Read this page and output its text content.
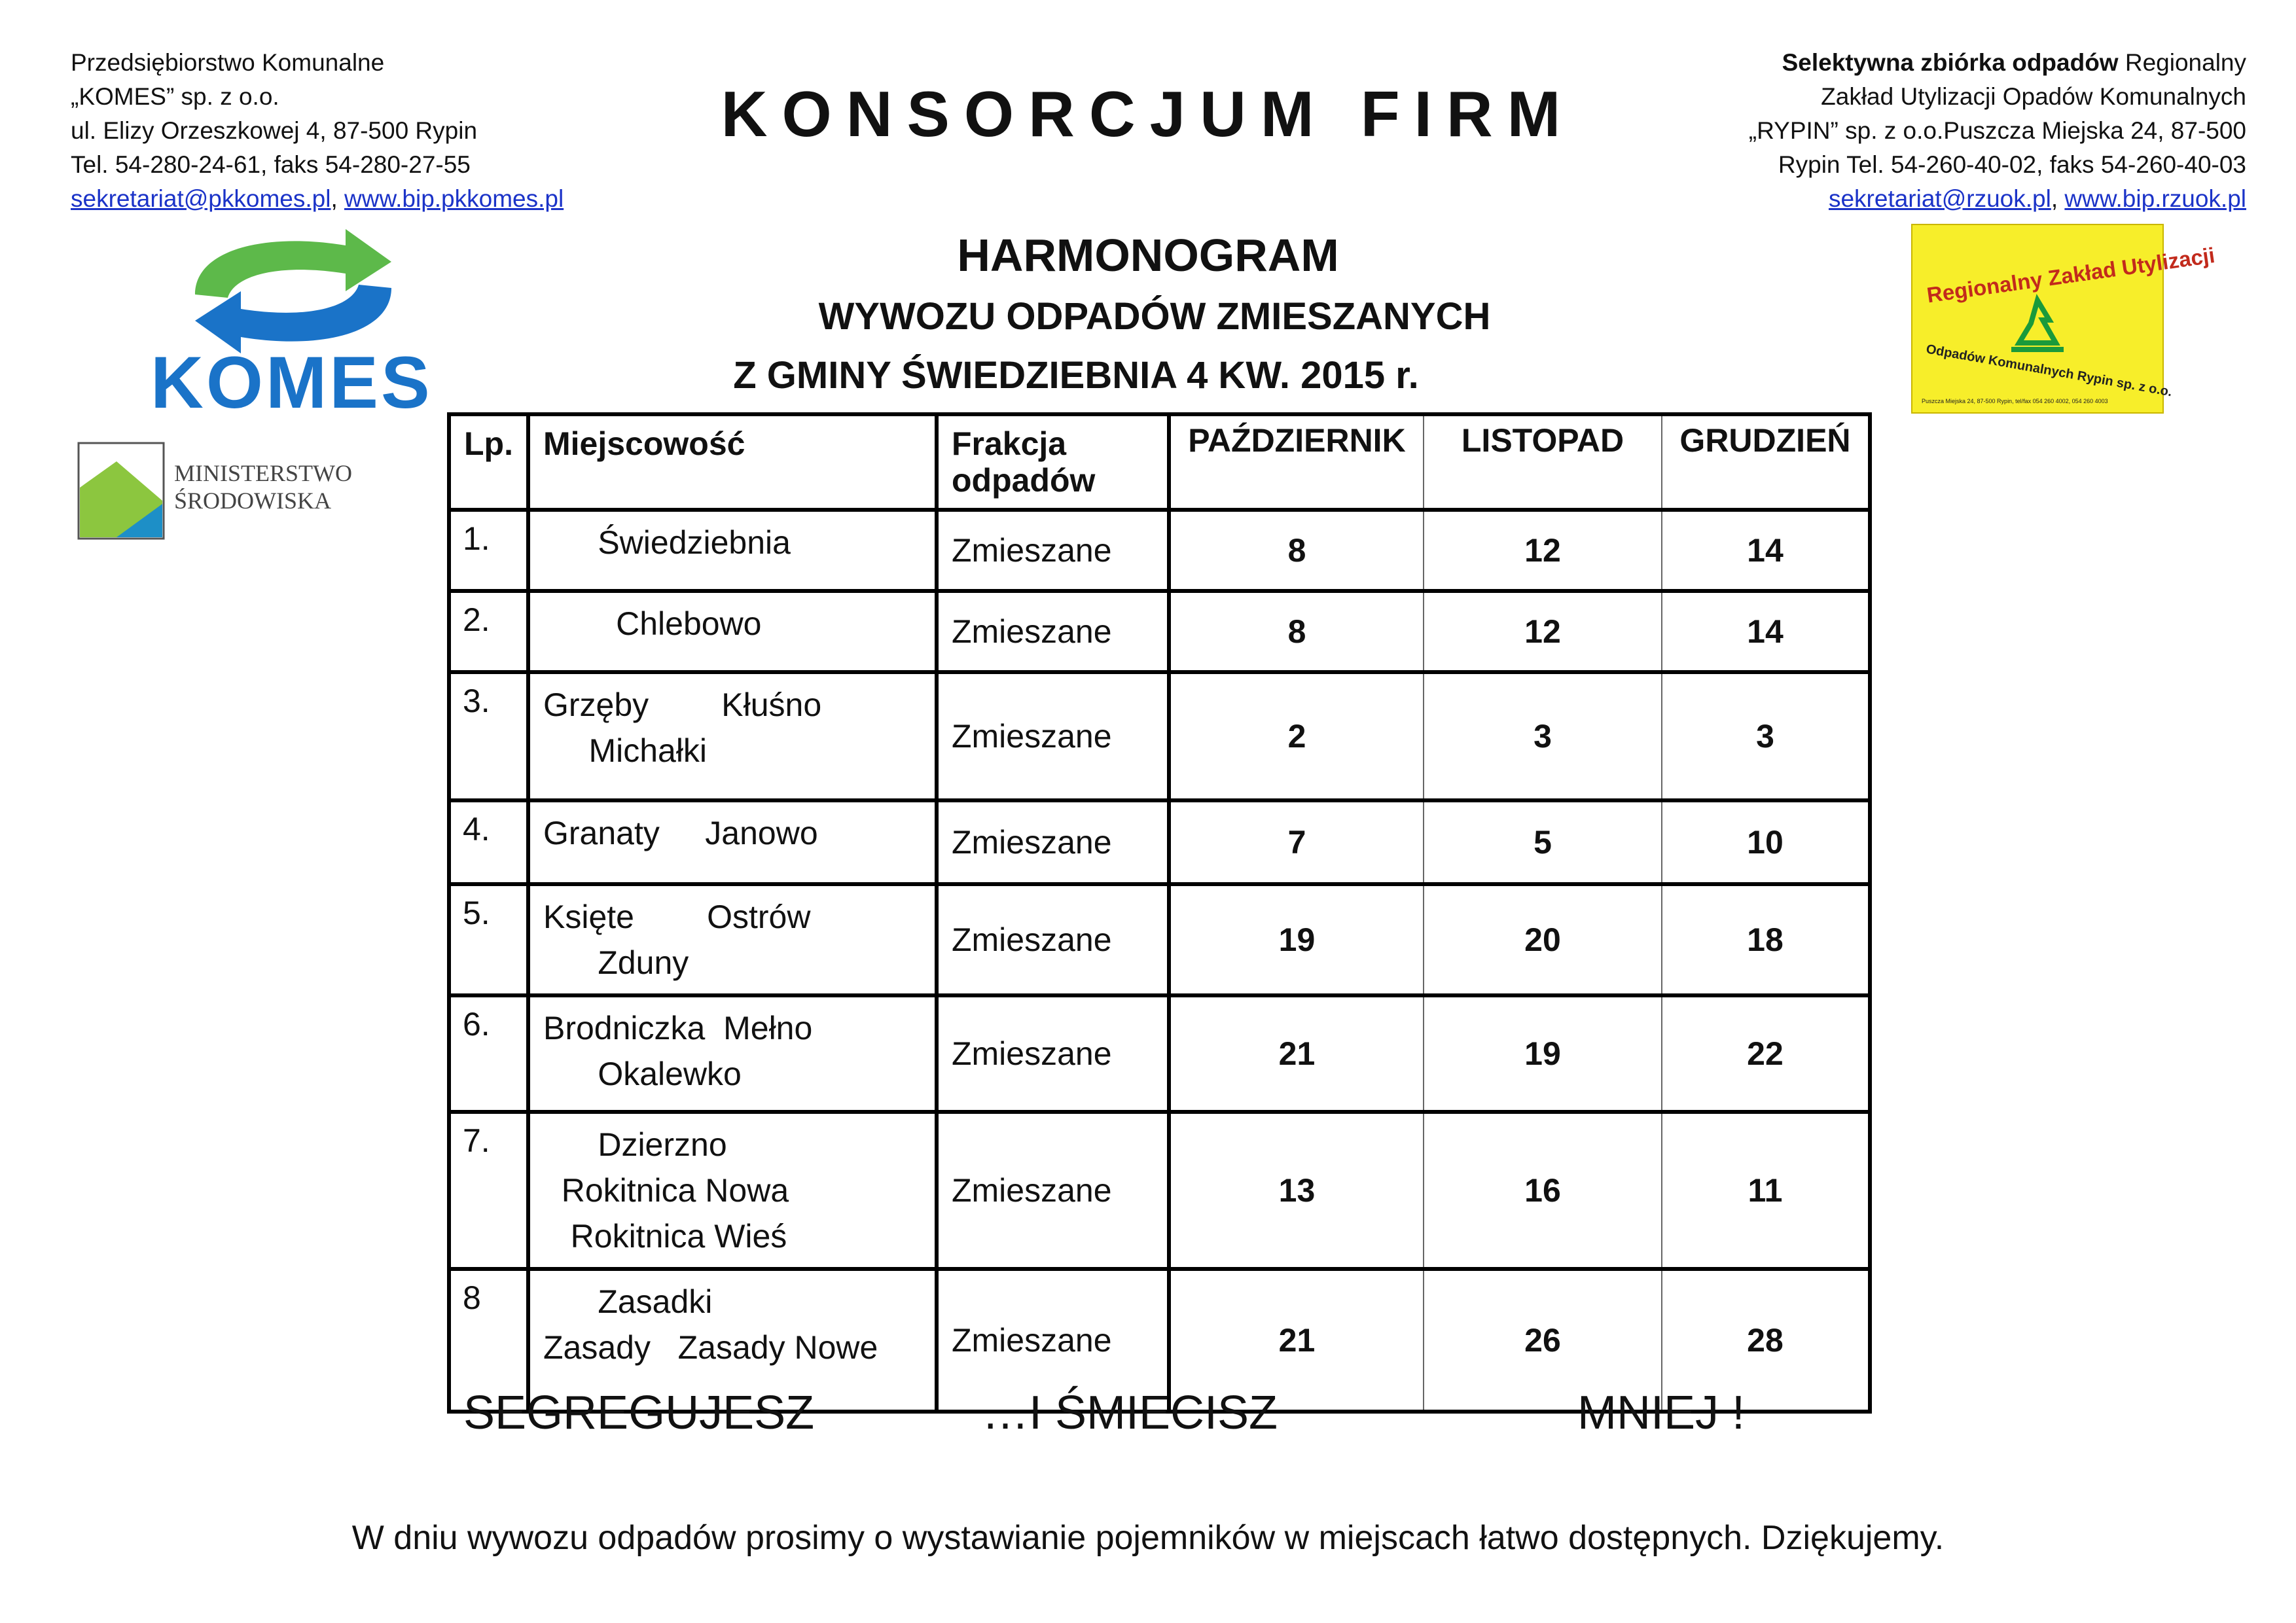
Przedsiębiorstwo Komunalne
„KOMES” sp. z o.o.
ul. Elizy Orzeszkowej 4, 87-500 Rypin
Tel. 54-280-24-61, faks 54-280-27-55
sekretariat@pkkomes.pl, www.bip.pkkomes.pl
Selektywna zbiórka odpadów Regionalny
Zakład Utylizacji Opadów Komunalnych
„RYPIN” sp. z o.o.Puszcza Miejska 24, 87-500
Rypin Tel. 54-260-40-02, faks 54-260-40-03
sekretariat@rzuok.pl, www.bip.rzuok.pl
KONSORCJUM FIRM
HARMONOGRAM
WYWOZU ODPADÓW ZMIESZANYCH
Z GMINY ŚWIEDZIEBNIA 4 KW. 2015 r.
KOMES
MINISTERSTWO
ŚRODOWISKA
Regionalny Zakład Utylizacji
Odpadów Komunalnych Rypin sp. z o.o.
Puszcza Miejska 24, 87-500 Rypin, tel/fax 054 260 4002, 054 260 4003
Lp.	Miejscowość	Frakcja
odpadów	PAŹDZIERNIK	LISTOPAD	GRUDZIEŃ
1.	Świedziebnia	Zmieszane	8	12	14
2.	Chlebowo	Zmieszane	8	12	14
3.	Grzęby        Kłuśno
Michałki	Zmieszane	2	3	3
4.	Granaty     Janowo	Zmieszane	7	5	10
5.	Księte        Ostrów
Zduny	Zmieszane	19	20	18
6.	Brodniczka  Mełno
Okalewko	Zmieszane	21	19	22
7.	Dzierzno
Rokitnica Nowa
Rokitnica Wieś	Zmieszane	13	16	11
8	Zasadki
Zasady   Zasady Nowe	Zmieszane	21	26	28
SEGREGUJESZ	…I ŚMIECISZ	MNIEJ !
W dniu wywozu odpadów prosimy o wystawianie pojemników w miejscach łatwo dostępnych. Dziękujemy.
